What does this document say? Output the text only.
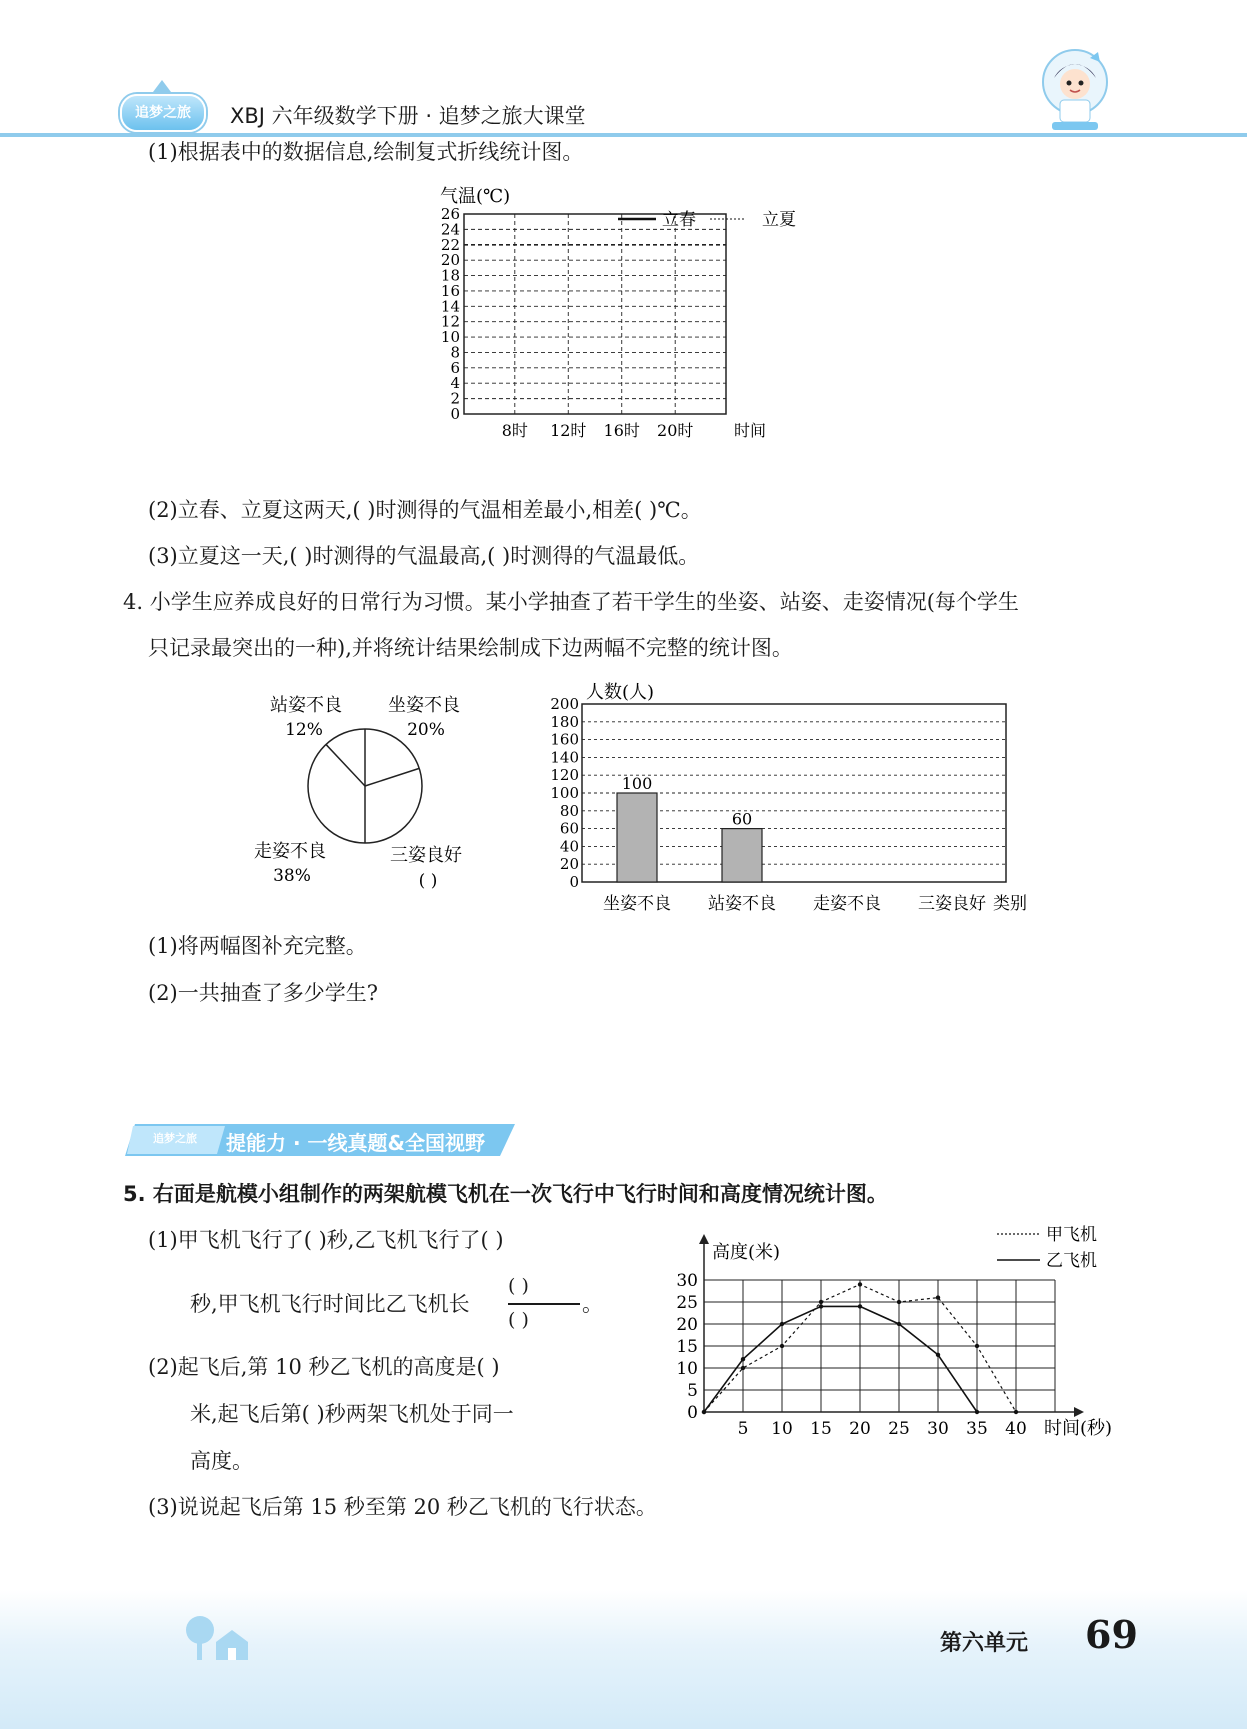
追梦之旅	XBJ 六年级数学下册 · 追梦之旅大课堂
(1)根据表中的数据信息,绘制复式折线统计图。
气温(℃)
0
2
4
6
8
10
12
14
16
18
20
22
24
26
8时 12时 16时 20时	时间
立春	立夏
(2)立春、立夏这两天,( )时测得的气温相差最小,相差( )℃。
(3)立夏这一天,( )时测得的气温最高,( )时测得的气温最低。
4. 小学生应养成良好的日常行为习惯。某小学抽查了若干学生的坐姿、站姿、走姿情况(每个学生
只记录最突出的一种),并将统计结果绘制成下边两幅不完整的统计图。
坐姿不良
20%
站姿不良
12%
走姿不良
38%
三姿良好
( )
人数(人)
0
20
40
60
80
100
120
140
160
180
200
坐姿不良
100
站姿不良
60
走姿不良 三姿良好 类别
(1)将两幅图补充完整。
(2)一共抽查了多少学生?
追梦之旅	提能力 · 一线真题&全国视野
5. 右面是航模小组制作的两架航模飞机在一次飞行中飞行时间和高度情况统计图。
(1)甲飞机飞行了( )秒,乙飞机飞行了( )
秒,甲飞机飞行时间比乙飞机长
( )
( )
。
(2)起飞后,第 10 秒乙飞机的高度是( )
米,起飞后第( )秒两架飞机处于同一
高度。
(3)说说起飞后第 15 秒至第 20 秒乙飞机的飞行状态。
高度(米)
时间(秒)
0
5
10
15
20
25
30
5 10 15 20 25 30 35 40
甲飞机
乙飞机
第六单元 69
